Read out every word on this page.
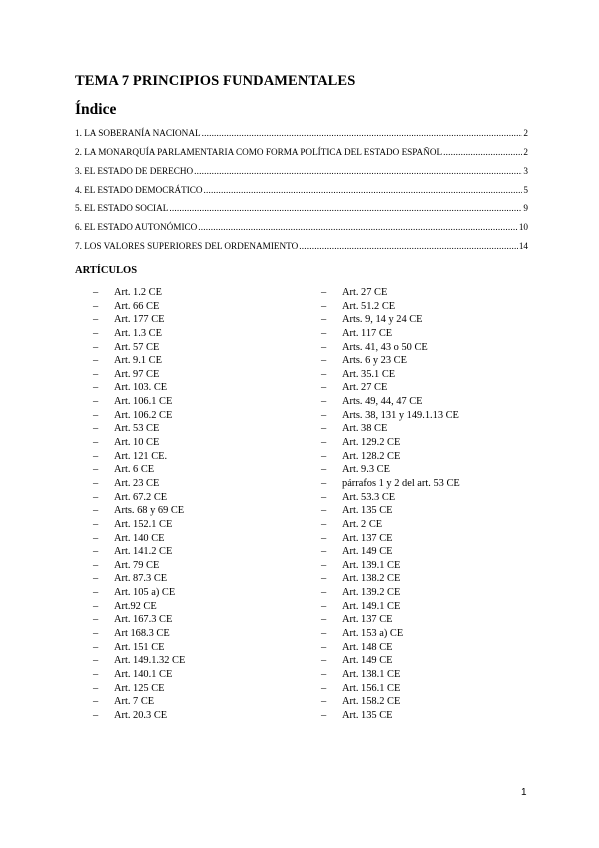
TEMA 7 PRINCIPIOS FUNDAMENTALES
Índice
1. LA SOBERANÍA NACIONAL .....	2
2. LA MONARQUÍA PARLAMENTARIA COMO FORMA POLÍTICA DEL ESTADO ESPAÑOL .....	2
3. EL ESTADO DE DERECHO .....	3
4. EL ESTADO DEMOCRÁTICO .....	5
5. EL ESTADO SOCIAL .....	9
6. EL ESTADO AUTONÓMICO .....	10
7. LOS VALORES SUPERIORES DEL ORDENAMIENTO .....	14
ARTÍCULOS
–	Art. 1.2 CE
–	Art. 66 CE
–	Art. 177 CE
–	Art. 1.3 CE
–	Art. 57 CE
–	Art. 9.1 CE
–	Art. 97 CE
–	Art. 103. CE
–	Art. 106.1 CE
–	Art. 106.2 CE
–	Art. 53 CE
–	Art. 10 CE
–	Art. 121 CE.
–	Art. 6 CE
–	Art. 23 CE
–	Art. 67.2 CE
–	Arts. 68 y 69 CE
–	Art. 152.1 CE
–	Art. 140 CE
–	Art. 141.2 CE
–	Art. 79 CE
–	Art. 87.3 CE
–	Art. 105 a) CE
–	Art.92 CE
–	Art. 167.3 CE
–	Art 168.3 CE
–	Art. 151 CE
–	Art. 149.1.32 CE
–	Art. 140.1 CE
–	Art. 125 CE
–	Art. 7 CE
–	Art. 20.3 CE
–	Art. 27 CE
–	Art. 51.2 CE
–	Arts. 9, 14 y 24 CE
–	Art. 117 CE
–	Arts. 41, 43 o 50 CE
–	Arts. 6 y 23 CE
–	Art. 35.1 CE
–	Art. 27 CE
–	Arts. 49, 44, 47 CE
–	Arts. 38, 131 y 149.1.13 CE
–	Art. 38 CE
–	Art. 129.2 CE
–	Art. 128.2 CE
–	Art. 9.3 CE
–	párrafos 1 y 2 del art. 53 CE
–	Art. 53.3 CE
–	Art. 135 CE
–	Art. 2 CE
–	Art. 137 CE
–	Art. 149 CE
–	Art. 139.1 CE
–	Art. 138.2 CE
–	Art. 139.2 CE
–	Art. 149.1 CE
–	Art. 137 CE
–	Art. 153 a) CE
–	Art. 148 CE
–	Art. 149 CE
–	Art. 138.1 CE
–	Art. 156.1 CE
–	Art. 158.2 CE
–	Art. 135 CE
1
